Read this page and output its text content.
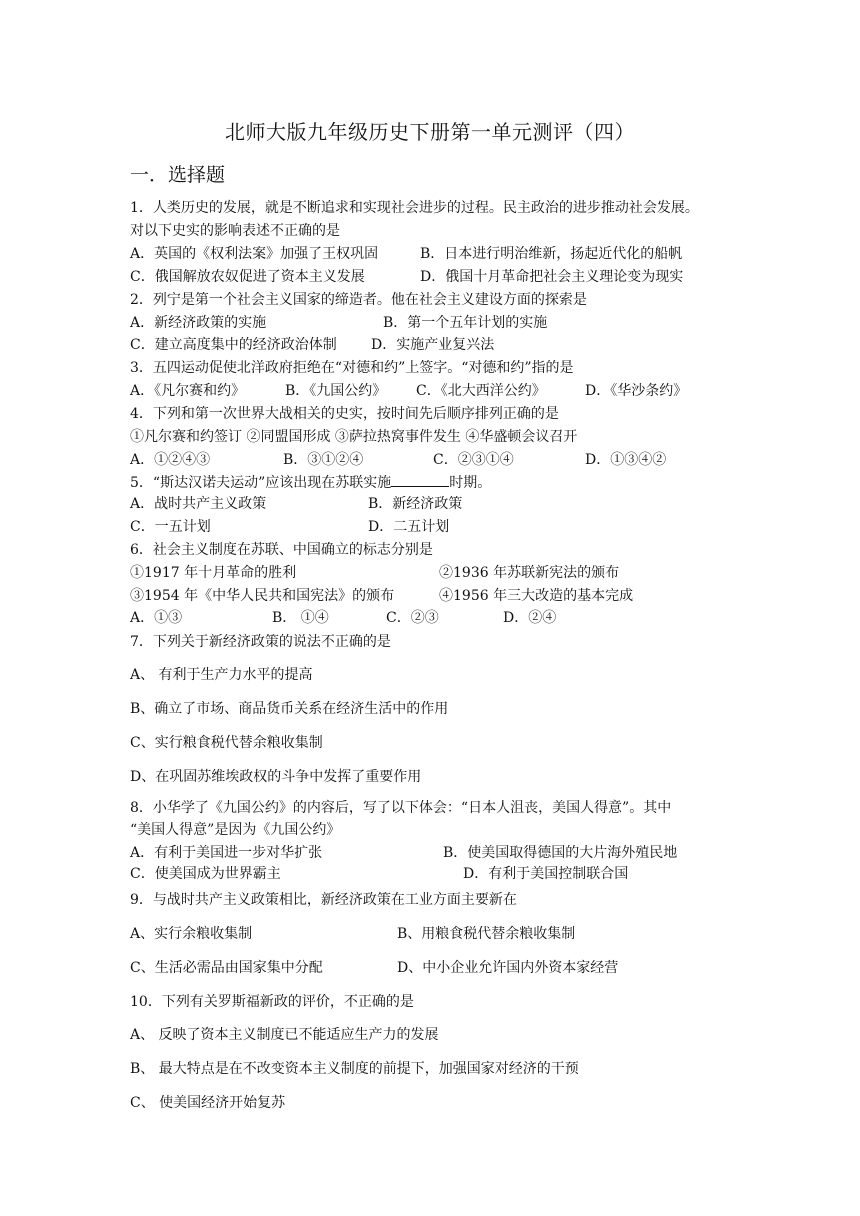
北师大版九年级历史下册第一单元测评（四）
一．选择题
1．人类历史的发展，就是不断追求和实现社会进步的过程。民主政治的进步推动社会发展。
对以下史实的影响表述不正确的是
A．英国的《权利法案》加强了王权巩固	B．日本进行明治维新，扬起近代化的船帆
C．俄国解放农奴促进了资本主义发展	D．俄国十月革命把社会主义理论变为现实
2．列宁是第一个社会主义国家的缔造者。他在社会主义建设方面的探索是
A．新经济政策的实施	B．第一个五年计划的实施
C．建立高度集中的经济政治体制 D．实施产业复兴法
3．五四运动促使北洋政府拒绝在“对德和约”上签字。“对德和约”指的是
A．《凡尔赛和约》	B．《九国公约》 C．《北大西洋公约》	D．《华沙条约》
4．下列和第一次世界大战相关的史实，按时间先后顺序排列正确的是
①凡尔赛和约签订 ②同盟国形成 ③萨拉热窝事件发生 ④华盛顿会议召开
A．①②④③	B．③①②④	C．②③①④	D．①③④②
5．“斯达汉诺夫运动”应该出现在苏联实施	时期。
A．战时共产主义政策	B．新经济政策
C．一五计划	D．二五计划
6．社会主义制度在苏联、中国确立的标志分别是
①1917 年十月革命的胜利	②1936 年苏联新宪法的颁布
③1954 年《中华人民共和国宪法》的颁布	④1956 年三大改造的基本完成
A．①③	B． ①④	C．②③	D．②④
7．下列关于新经济政策的说法不正确的是
A、 有利于生产力水平的提高
B、确立了市场、商品货币关系在经济生活中的作用
C、实行粮食税代替余粮收集制
D、在巩固苏维埃政权的斗争中发挥了重要作用
8．小华学了《九国公约》的内容后，写了以下体会：“日本人沮丧，美国人得意”。其中
“美国人得意”是因为《九国公约》
A．有利于美国进一步对华扩张	B．使美国取得德国的大片海外殖民地
C．使美国成为世界霸主	D．有利于美国控制联合国
9．与战时共产主义政策相比，新经济政策在工业方面主要新在
A、实行余粮收集制	B、用粮食税代替余粮收集制
C、生活必需品由国家集中分配	D、中小企业允许国内外资本家经营
10．下列有关罗斯福新政的评价，不正确的是
A、 反映了资本主义制度已不能适应生产力的发展
B、 最大特点是在不改变资本主义制度的前提下，加强国家对经济的干预
C、 使美国经济开始复苏
